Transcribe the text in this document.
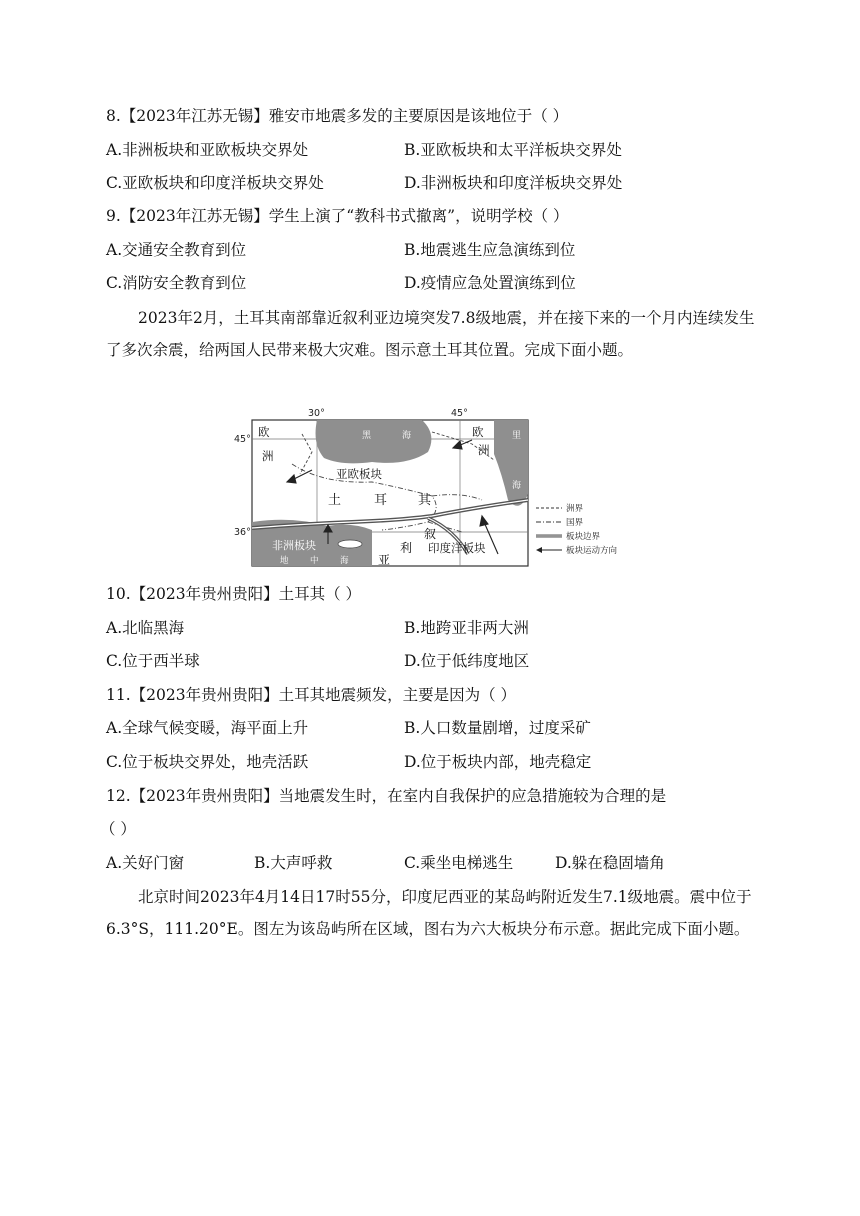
8.【2023年江苏无锡】雅安市地震多发的主要原因是该地位于（ ）
A.非洲板块和亚欧板块交界处	B.亚欧板块和太平洋板块交界处
C.亚欧板块和印度洋板块交界处	D.非洲板块和印度洋板块交界处
9.【2023年江苏无锡】学生上演了“教科书式撤离”，说明学校（ ）
A.交通安全教育到位	B.地震逃生应急演练到位
C.消防安全教育到位	D.疫情应急处置演练到位
2023年2月，土耳其南部靠近叙利亚边境突发7.8级地震，并在接下来的一个月内连续发生了多次余震，给两国人民带来极大灾难。图示意土耳其位置。完成下面小题。
30°	45°
45°
36°
欧
洲
欧
洲
黑	海	里
海
亚欧板块
土	耳 其
叙
利
亚
非洲板块	印度洋板块
地	中	海
洲界
国界
板块边界
板块运动方向
10.【2023年贵州贵阳】土耳其（ ）
A.北临黑海	B.地跨亚非两大洲
C.位于西半球	D.位于低纬度地区
11.【2023年贵州贵阳】土耳其地震频发，主要是因为（ ）
A.全球气候变暖，海平面上升	B.人口数量剧增，过度采矿
C.位于板块交界处，地壳活跃	D.位于板块内部，地壳稳定
12.【2023年贵州贵阳】当地震发生时，在室内自我保护的应急措施较为合理的是
（ ）
A.关好门窗	B.大声呼救	C.乘坐电梯逃生	D.躲在稳固墙角
北京时间2023年4月14日17时55分，印度尼西亚的某岛屿附近发生7.1级地震。震中位于6.3°S，111.20°E。图左为该岛屿所在区域，图右为六大板块分布示意。据此完成下面小题。
